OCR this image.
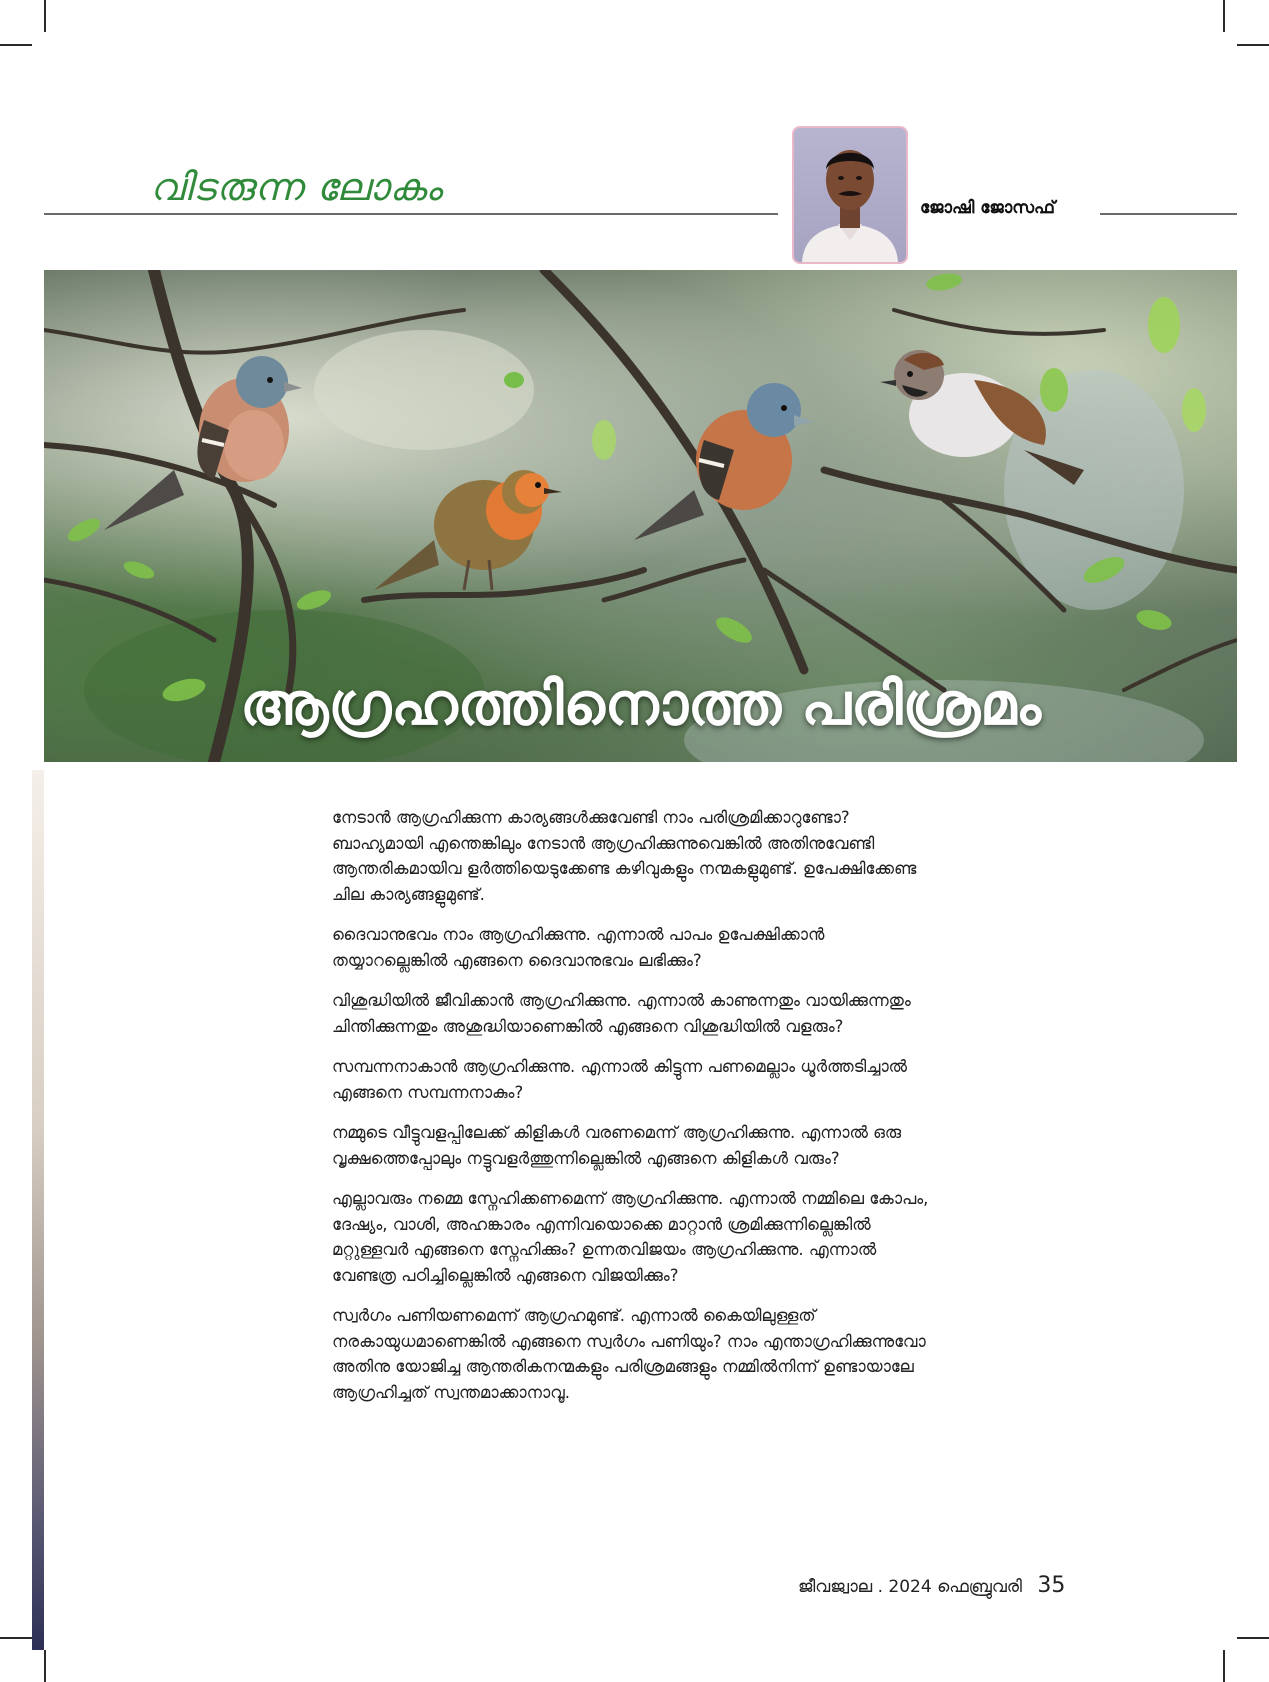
വിടരുന്ന ലോകം	ജോഷി ജോസഫ്
ആഗ്രഹത്തിനൊത്ത പരിശ്രമം

നേടാൻ ആഗ്രഹിക്കുന്ന കാര്യങ്ങൾക്കുവേണ്ടി നാം പരിശ്രമിക്കാറുണ്ടോ? ബാഹ്യമായി എന്തെങ്കിലും നേടാൻ ആഗ്രഹിക്കുന്നുവെങ്കിൽ അതിനുവേണ്ടി ആന്തരികമായിവ ളർത്തിയെടുക്കേണ്ട കഴിവുകളും നന്മകളുമുണ്ട്. ഉപേക്ഷിക്കേണ്ട ചില കാര്യങ്ങളുമുണ്ട്.

ദൈവാനുഭവം നാം ആഗ്രഹിക്കുന്നു. എന്നാൽ പാപം ഉപേക്ഷിക്കാൻ തയ്യാറല്ലെങ്കിൽ എങ്ങനെ ദൈവാനുഭവം ലഭിക്കും?

വിശുദ്ധിയിൽ ജീവിക്കാൻ ആഗ്രഹിക്കുന്നു. എന്നാൽ കാണുന്നതും വായിക്കുന്നതും ചിന്തിക്കുന്നതും അശുദ്ധിയാണെങ്കിൽ എങ്ങനെ വിശുദ്ധിയിൽ വളരും?

സമ്പന്നനാകാൻ ആഗ്രഹിക്കുന്നു. എന്നാൽ കിട്ടുന്ന പണമെല്ലാം ധൂർത്തടിച്ചാൽ എങ്ങനെ സമ്പന്നനാകും?

നമ്മുടെ വീട്ടുവളപ്പിലേക്ക് കിളികൾ വരണമെന്ന് ആഗ്രഹിക്കുന്നു. എന്നാൽ ഒരു വൃക്ഷത്തെപ്പോലും നട്ടുവളർത്തുന്നില്ലെങ്കിൽ എങ്ങനെ കിളികൾ വരും?

എല്ലാവരും നമ്മെ സ്നേഹിക്കണമെന്ന് ആഗ്രഹിക്കുന്നു. എന്നാൽ നമ്മിലെ കോപം, ദേഷ്യം, വാശി, അഹങ്കാരം എന്നിവയൊക്കെ മാറ്റാൻ ശ്രമിക്കുന്നില്ലെങ്കിൽ മറ്റുള്ളവർ എങ്ങനെ സ്നേഹിക്കും? ഉന്നതവിജയം ആഗ്രഹിക്കുന്നു. എന്നാൽ വേണ്ടത്ര പഠിച്ചില്ലെങ്കിൽ എങ്ങനെ വിജയിക്കും?

സ്വർഗം പണിയണമെന്ന് ആഗ്രഹമുണ്ട്. എന്നാൽ കൈയിലുള്ളത് നരകായുധമാണെങ്കിൽ എങ്ങനെ സ്വർഗം പണിയും? നാം എന്താഗ്രഹിക്കുന്നുവോ അതിനു യോജിച്ച ആന്തരികനന്മകളും പരിശ്രമങ്ങളും നമ്മിൽനിന്ന് ഉണ്ടായാലേ ആഗ്രഹിച്ചത് സ്വന്തമാക്കാനാവൂ.

ജീവജ്വാല . 2024 ഫെബ്രുവരി 35
